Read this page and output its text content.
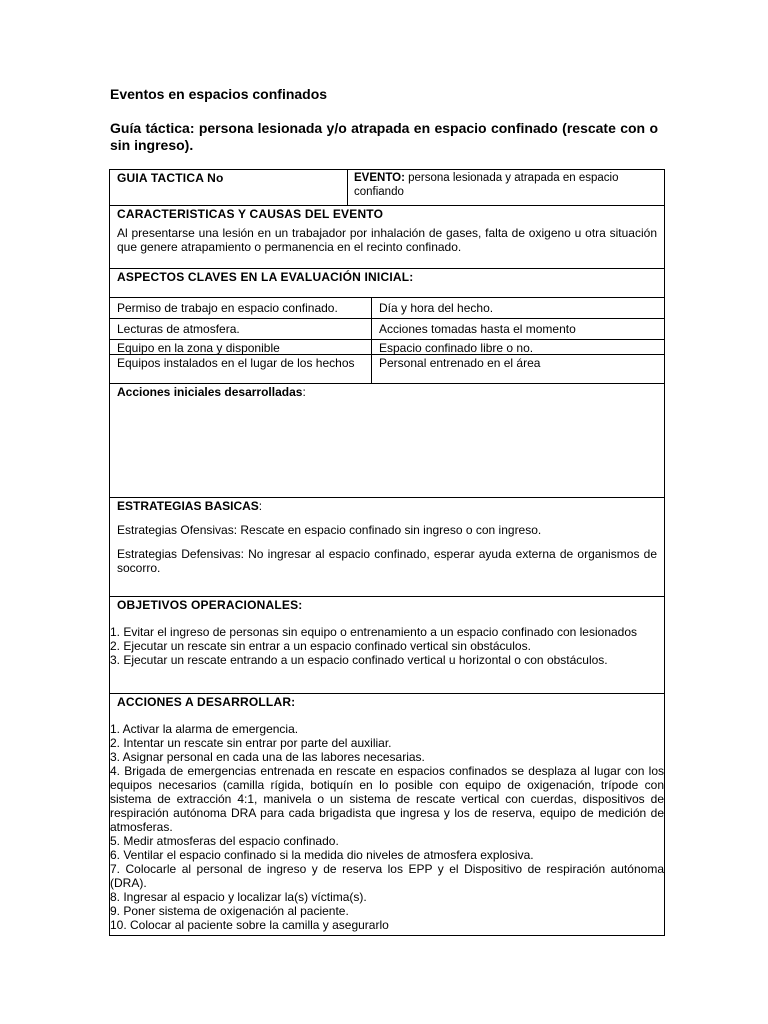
Eventos en espacios confinados
Guía táctica: persona lesionada y/o atrapada en espacio confinado (rescate con o sin ingreso).
GUIA TACTICA No	EVENTO: persona lesionada y atrapada en espacio confiando
CARACTERISTICAS Y CAUSAS DEL EVENTO
Al presentarse una lesión en un trabajador por inhalación de gases, falta de oxigeno u otra situación que genere atrapamiento o permanencia en el recinto confinado.
ASPECTOS CLAVES EN LA EVALUACIÓN INICIAL:
Permiso de trabajo en espacio confinado.	Día y hora del hecho.
Lecturas de atmosfera.	Acciones tomadas hasta el momento
Equipo en la zona y disponible	Espacio confinado libre o no.
Equipos instalados en el lugar de los hechos	Personal entrenado en el área
Acciones iniciales desarrolladas:
ESTRATEGIAS BASICAS:
Estrategias Ofensivas: Rescate en espacio confinado sin ingreso o con ingreso.
Estrategias Defensivas: No ingresar al espacio confinado, esperar ayuda externa de organismos de socorro.
OBJETIVOS OPERACIONALES:
1. Evitar el ingreso de personas sin equipo o entrenamiento a un espacio confinado con lesionados
2. Ejecutar un rescate sin entrar a un espacio confinado vertical sin obstáculos.
3. Ejecutar un rescate entrando a un espacio confinado vertical u horizontal o con obstáculos.
ACCIONES A DESARROLLAR:
1. Activar la alarma de emergencia.
2. Intentar un rescate sin entrar por parte del auxiliar.
3. Asignar personal en cada una de las labores necesarias.
4. Brigada de emergencias entrenada en rescate en espacios confinados se desplaza al lugar con los equipos necesarios (camilla rígida, botiquín en lo posible con equipo de oxigenación, trípode con sistema de extracción 4:1, manivela o un sistema de rescate vertical con cuerdas, dispositivos de respiración autónoma DRA para cada brigadista que ingresa y los de reserva, equipo de medición de atmosferas.
5. Medir atmosferas del espacio confinado.
6. Ventilar el espacio confinado si la medida dio niveles de atmosfera explosiva.
7. Colocarle al personal de ingreso y de reserva los EPP y el Dispositivo de respiración autónoma (DRA).
8. Ingresar al espacio y localizar la(s) víctima(s).
9. Poner sistema de oxigenación al paciente.
10. Colocar al paciente sobre la camilla y asegurarlo
